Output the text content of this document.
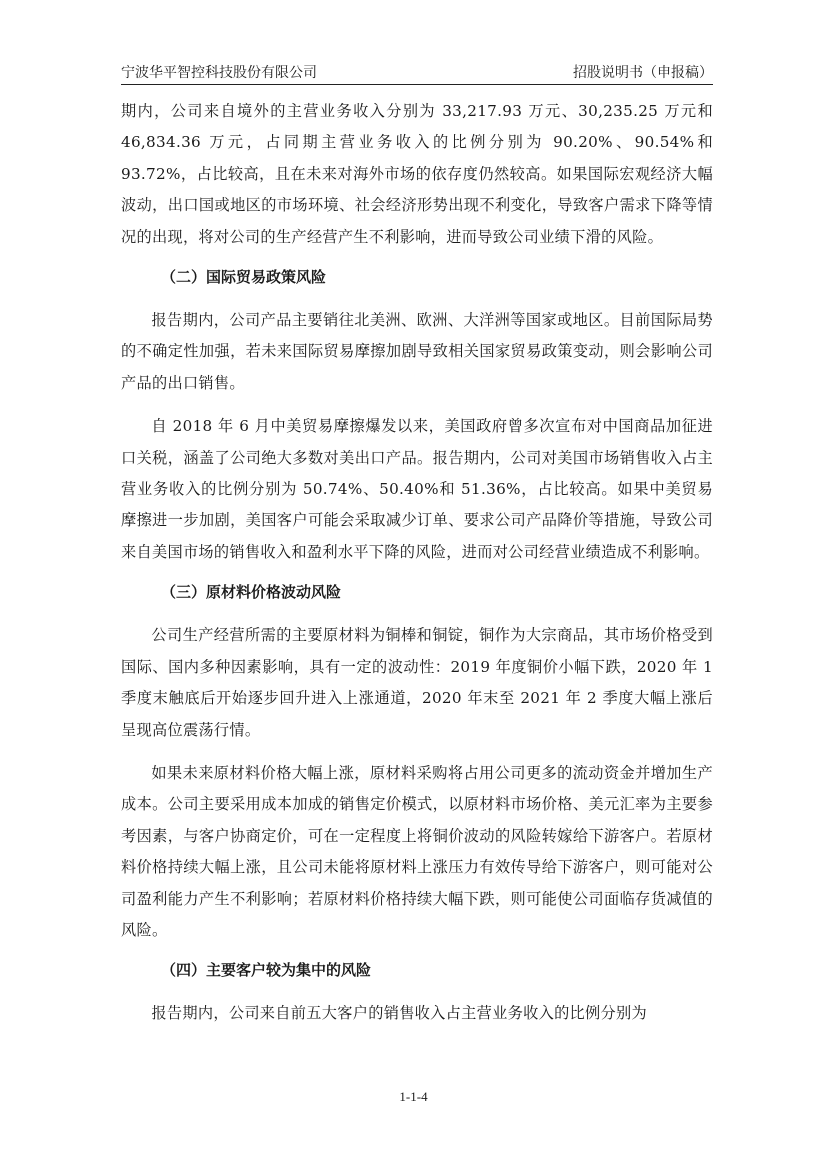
宁波华平智控科技股份有限公司	招股说明书（申报稿）

期内，公司来自境外的主营业务收入分别为 33,217.93 万元、30,235.25 万元和46,834.36 万元，占同期主营业务收入的比例分别为 90.20%、90.54%和 93.72%，占比较高，且在未来对海外市场的依存度仍然较高。如果国际宏观经济大幅波动，出口国或地区的市场环境、社会经济形势出现不利变化，导致客户需求下降等情况的出现，将对公司的生产经营产生不利影响，进而导致公司业绩下滑的风险。

（二）国际贸易政策风险

报告期内，公司产品主要销往北美洲、欧洲、大洋洲等国家或地区。目前国际局势的不确定性加强，若未来国际贸易摩擦加剧导致相关国家贸易政策变动，则会影响公司产品的出口销售。

自 2018 年 6 月中美贸易摩擦爆发以来，美国政府曾多次宣布对中国商品加征进口关税，涵盖了公司绝大多数对美出口产品。报告期内，公司对美国市场销售收入占主营业务收入的比例分别为 50.74%、50.40%和 51.36%，占比较高。如果中美贸易摩擦进一步加剧，美国客户可能会采取减少订单、要求公司产品降价等措施，导致公司来自美国市场的销售收入和盈利水平下降的风险，进而对公司经营业绩造成不利影响。

（三）原材料价格波动风险

公司生产经营所需的主要原材料为铜棒和铜锭，铜作为大宗商品，其市场价格受到国际、国内多种因素影响，具有一定的波动性：2019 年度铜价小幅下跌，2020 年 1 季度末触底后开始逐步回升进入上涨通道，2020 年末至 2021 年 2 季度大幅上涨后呈现高位震荡行情。

如果未来原材料价格大幅上涨，原材料采购将占用公司更多的流动资金并增加生产成本。公司主要采用成本加成的销售定价模式，以原材料市场价格、美元汇率为主要参考因素，与客户协商定价，可在一定程度上将铜价波动的风险转嫁给下游客户。若原材料价格持续大幅上涨，且公司未能将原材料上涨压力有效传导给下游客户，则可能对公司盈利能力产生不利影响；若原材料价格持续大幅下跌，则可能使公司面临存货减值的风险。

（四）主要客户较为集中的风险

报告期内，公司来自前五大客户的销售收入占主营业务收入的比例分别为

1-1-4
